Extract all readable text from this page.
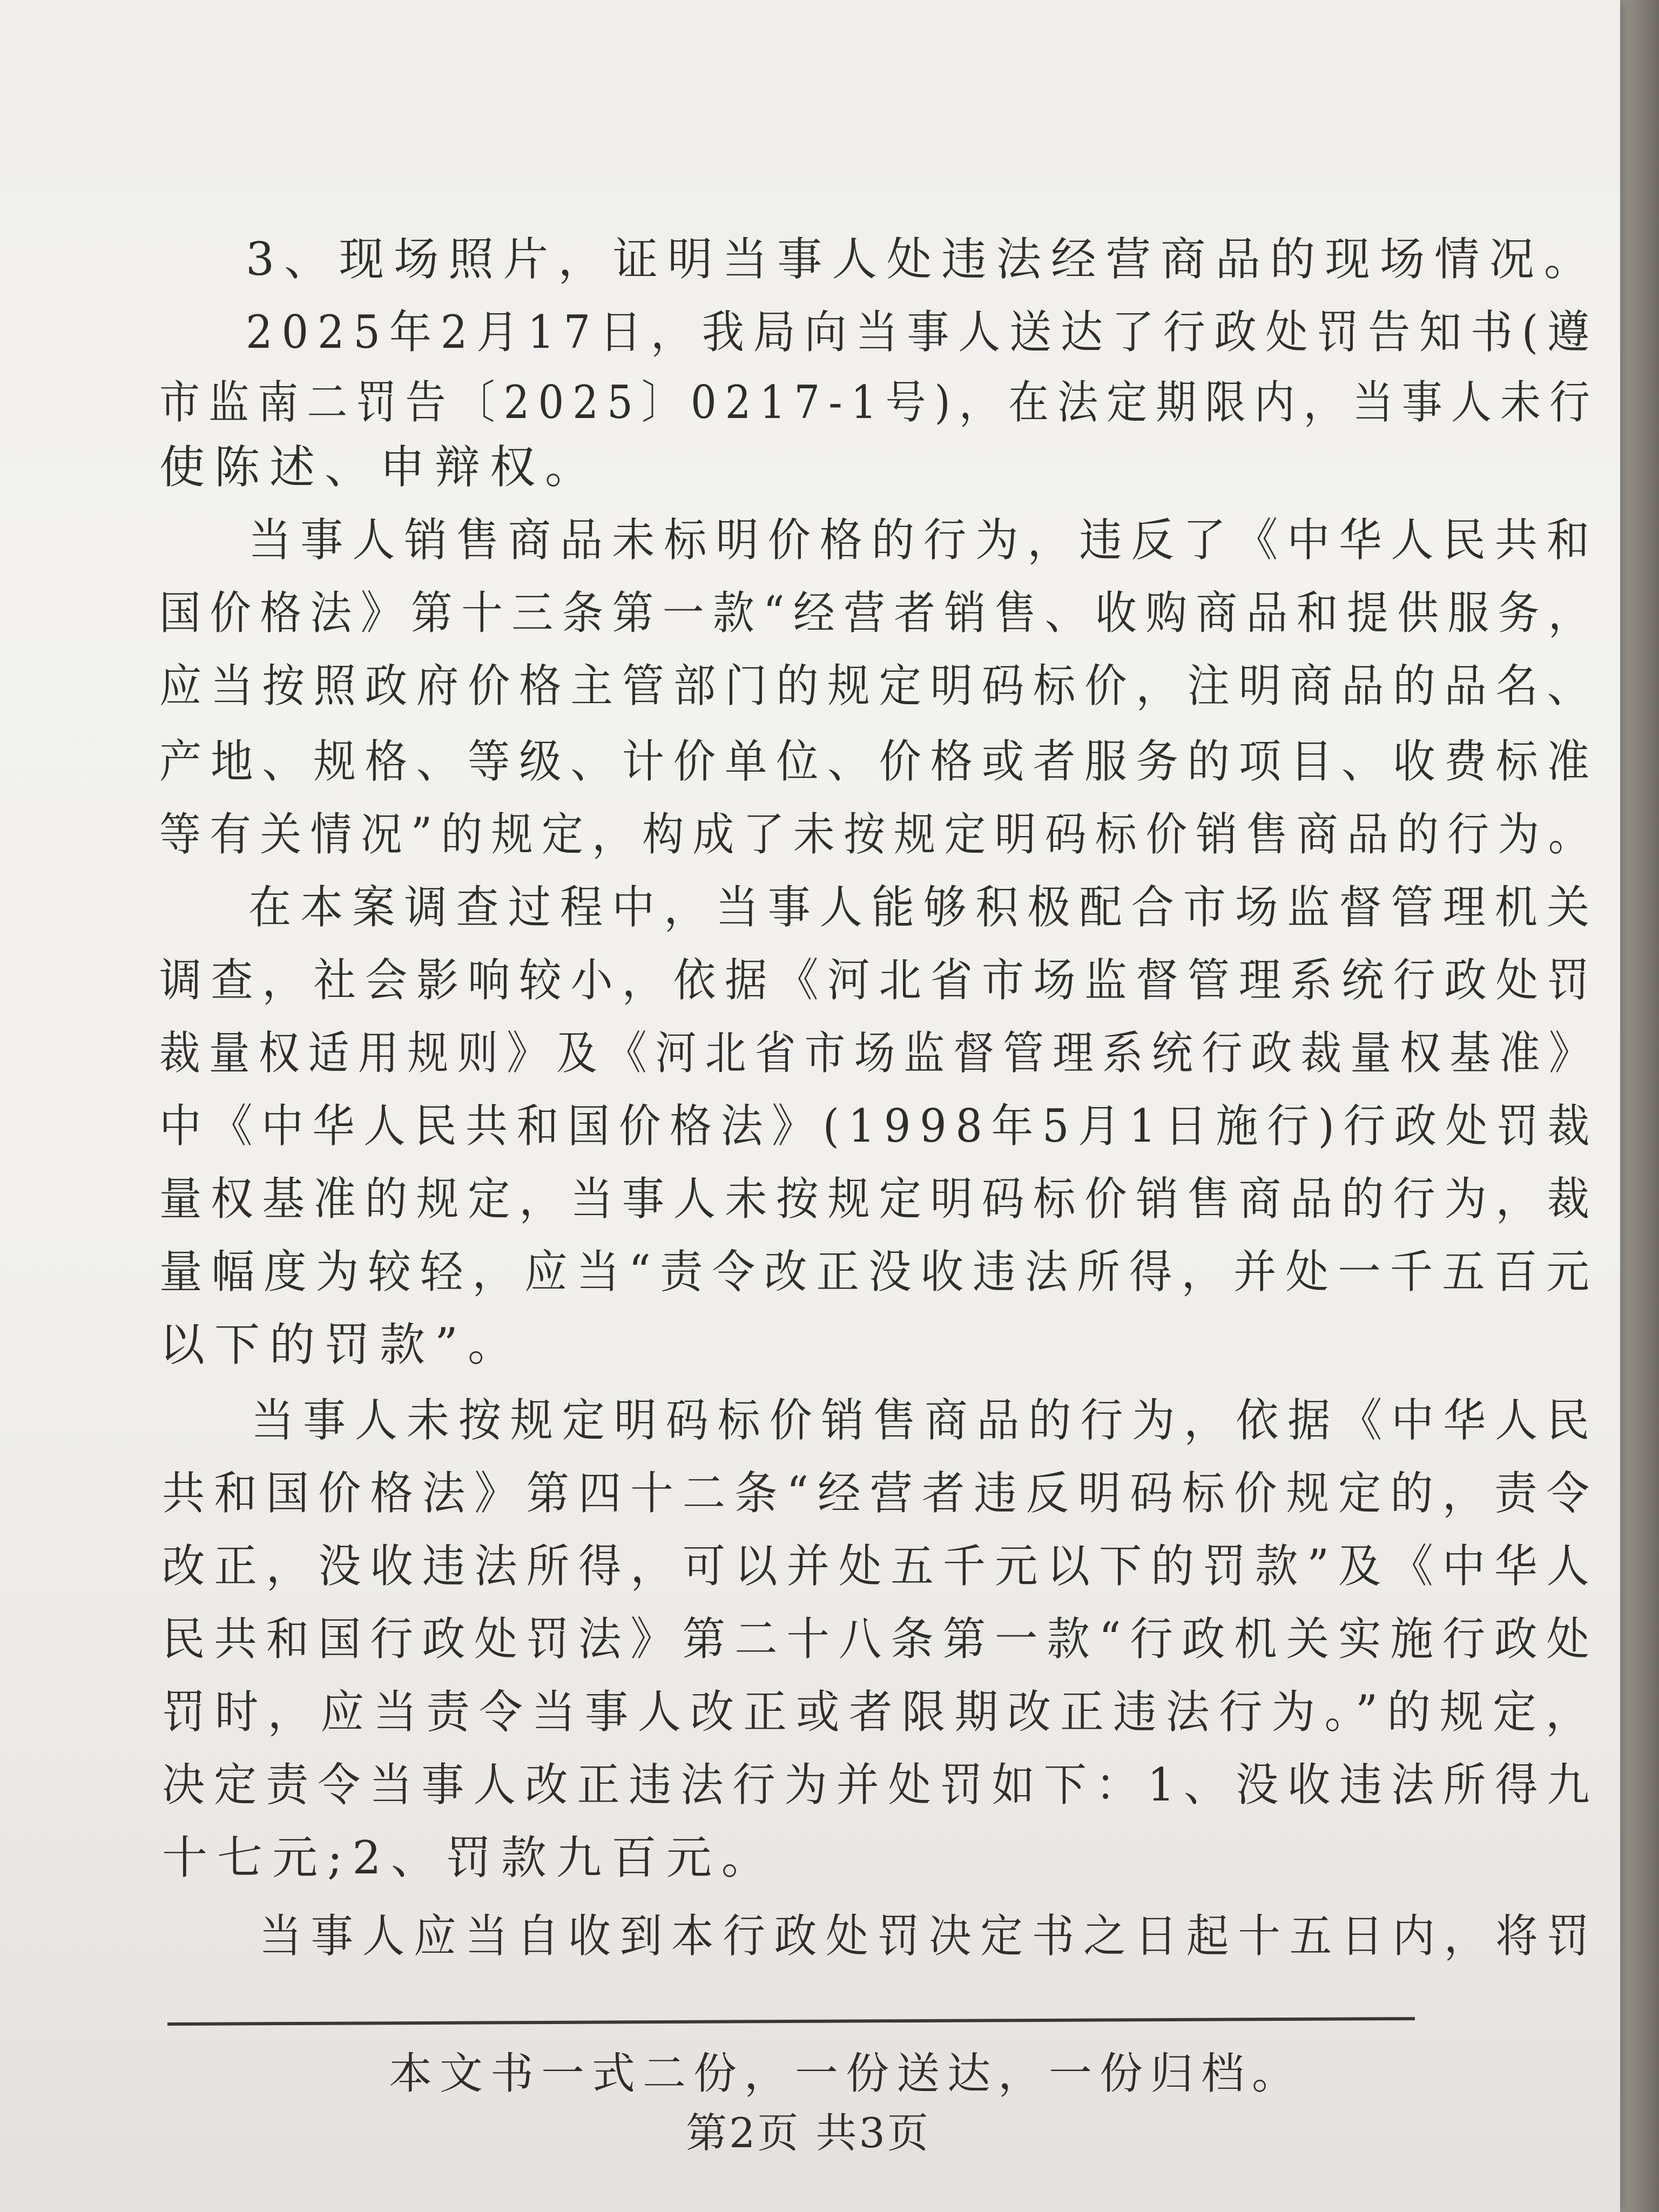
3、现场照片，证明当事人处违法经营商品的现场情况。
2025年2月17日，我局向当事人送达了行政处罚告知书(遵
市监南二罚告〔2025〕0217-1号)，在法定期限内，当事人未行
使陈述、申辩权。
当事人销售商品未标明价格的行为，违反了《中华人民共和
国价格法》第十三条第一款“经营者销售、收购商品和提供服务，
应当按照政府价格主管部门的规定明码标价，注明商品的品名、
产地、规格、等级、计价单位、价格或者服务的项目、收费标准
等有关情况”的规定，构成了未按规定明码标价销售商品的行为。
在本案调查过程中，当事人能够积极配合市场监督管理机关
调查，社会影响较小，依据《河北省市场监督管理系统行政处罚
裁量权适用规则》及《河北省市场监督管理系统行政裁量权基准》
中《中华人民共和国价格法》(1998年5月1日施行)行政处罚裁
量权基准的规定，当事人未按规定明码标价销售商品的行为，裁
量幅度为较轻，应当“责令改正没收违法所得，并处一千五百元
以下的罚款”。
当事人未按规定明码标价销售商品的行为，依据《中华人民
共和国价格法》第四十二条“经营者违反明码标价规定的，责令
改正，没收违法所得，可以并处五千元以下的罚款”及《中华人
民共和国行政处罚法》第二十八条第一款“行政机关实施行政处
罚时，应当责令当事人改正或者限期改正违法行为。”的规定，
决定责令当事人改正违法行为并处罚如下：1、没收违法所得九
十七元;2、罚款九百元。
当事人应当自收到本行政处罚决定书之日起十五日内，将罚
本文书一式二份，一份送达，一份归档。
第2页 共3页
